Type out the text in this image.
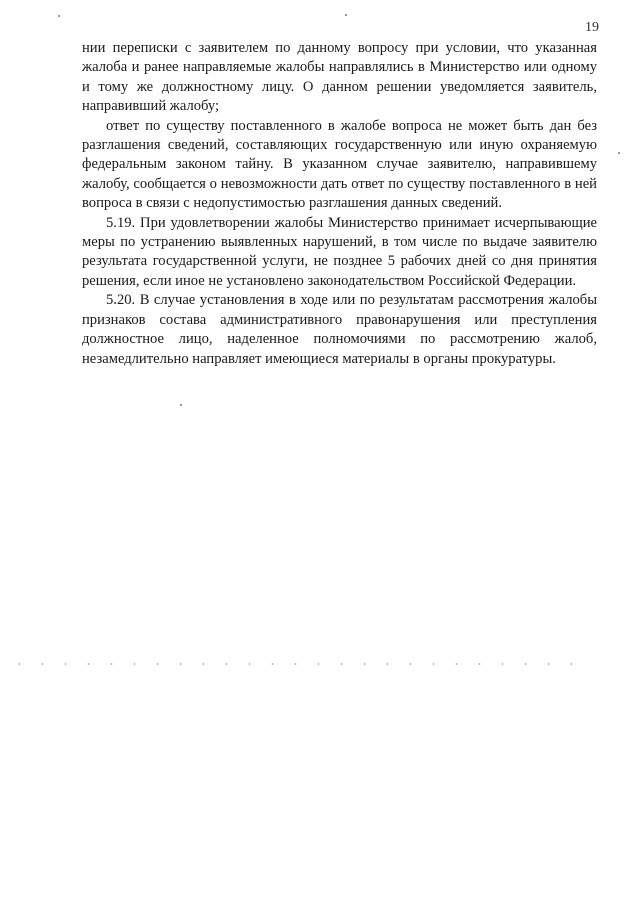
19

нии переписки с заявителем по данному вопросу при условии, что указанная жалоба и ранее направляемые жалобы направлялись в Министерство или одному и тому же должностному лицу. О данном решении уведомляется заявитель, направивший жалобу;

ответ по существу поставленного в жалобе вопроса не может быть дан без разглашения сведений, составляющих государственную или иную охраняемую федеральным законом тайну. В указанном случае заявителю, направившему жалобу, сообщается о невозможности дать ответ по существу поставленного в ней вопроса в связи с недопустимостью разглашения данных сведений.

5.19. При удовлетворении жалобы Министерство принимает исчерпывающие меры по устранению выявленных нарушений, в том числе по выдаче заявителю результата государственной услуги, не позднее 5 рабочих дней со дня принятия решения, если иное не установлено законодательством Российской Федерации.

5.20. В случае установления в ходе или по результатам рассмотрения жалобы признаков состава административного правонарушения или преступления должностное лицо, наделенное полномочиями по рассмотрению жалоб, незамедлительно направляет имеющиеся материалы в органы прокуратуры.
